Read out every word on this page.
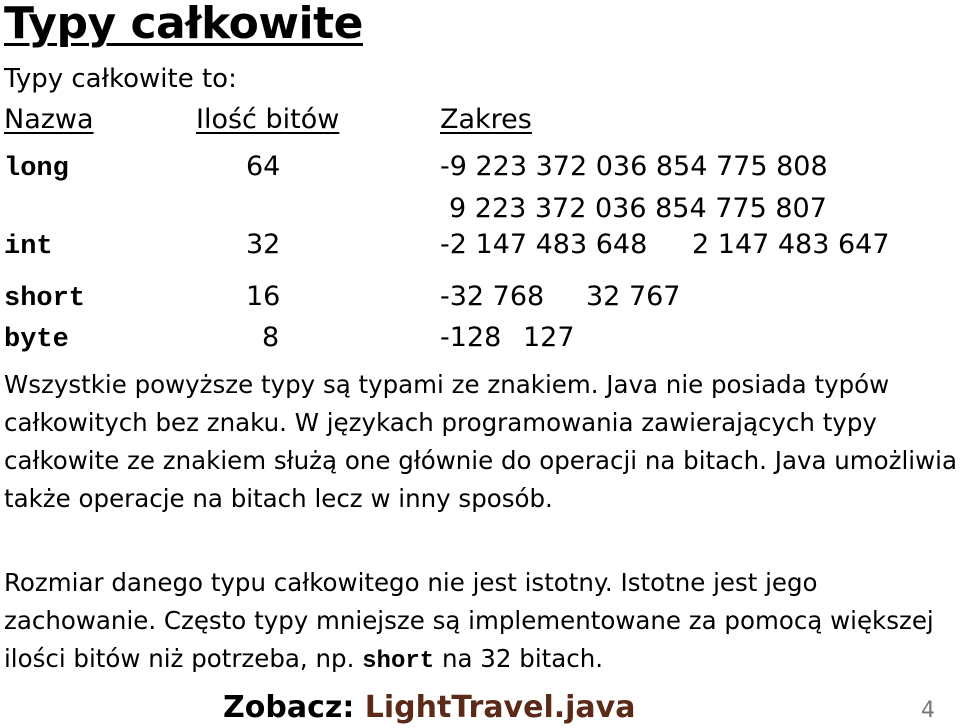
Typy całkowite
Typy całkowite to:
Nazwa	Ilość bitów	Zakres
long	64	-9 223 372 036 854 775 808
9 223 372 036 854 775 807
int	32	-2 147 483 648 2 147 483 647
short	16	-32 768 32 767
byte	8	-128 127

Wszystkie powyższe typy są typami ze znakiem. Java nie posiada typów całkowitych bez znaku. W językach programowania zawierających typy całkowite ze znakiem służą one głównie do operacji na bitach. Java umożliwia także operacje na bitach lecz w inny sposób.

Rozmiar danego typu całkowitego nie jest istotny. Istotne jest jego zachowanie. Często typy mniejsze są implementowane za pomocą większej ilości bitów niż potrzeba, np. short na 32 bitach.

Zobacz: LightTravel.java	4
